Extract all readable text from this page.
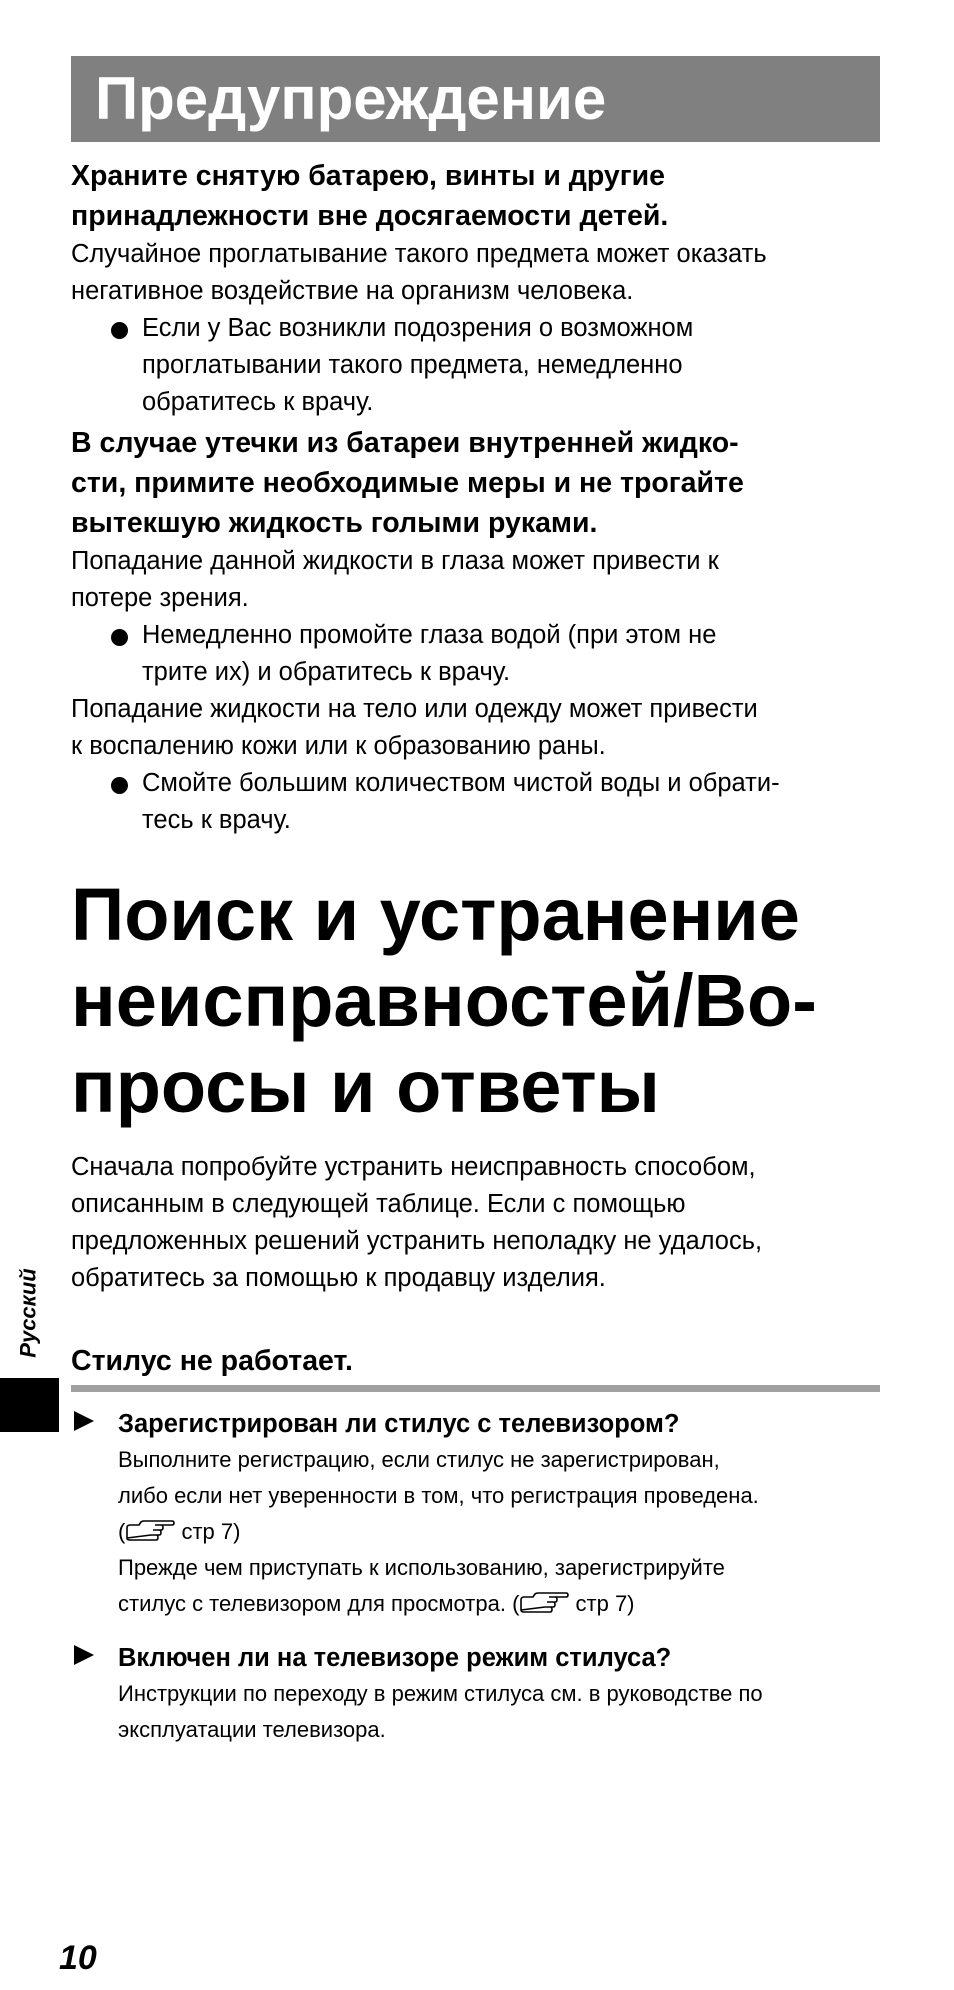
Предупреждение
Храните снятую батарею, винты и другие
принадлежности вне досягаемости детей.
Случайное проглатывание такого предмета может оказать
негативное воздействие на организм человека.
Если у Вас возникли подозрения о возможном
проглатывании такого предмета, немедленно
обратитесь к врачу.
В случае утечки из батареи внутренней жидко-
сти, примите необходимые меры и не трогайте
вытекшую жидкость голыми руками.
Попадание данной жидкости в глаза может привести к
потере зрения.
Немедленно промойте глаза водой (при этом не
трите их) и обратитесь к врачу.
Попадание жидкости на тело или одежду может привести
к воспалению кожи или к образованию раны.
Смойте большим количеством чистой воды и обрати-
тесь к врачу.
Поиск и устранение
неисправностей/Во-
просы и ответы
Сначала попробуйте устранить неисправность способом,
описанным в следующей таблице. Если с помощью
предложенных решений устранить неполадку не удалось,
обратитесь за помощью к продавцу изделия.
Стилус не работает.
Зарегистрирован ли стилус с телевизором?
Выполните регистрацию, если стилус не зарегистрирован,
либо если нет уверенности в том, что регистрация проведена.
( стр 7)
Прежде чем приступать к использованию, зарегистрируйте
стилус с телевизором для просмотра. ( стр 7)
Включен ли на телевизоре режим стилуса?
Инструкции по переходу в режим стилуса см. в руководстве по
эксплуатации телевизора.
Русский
10
